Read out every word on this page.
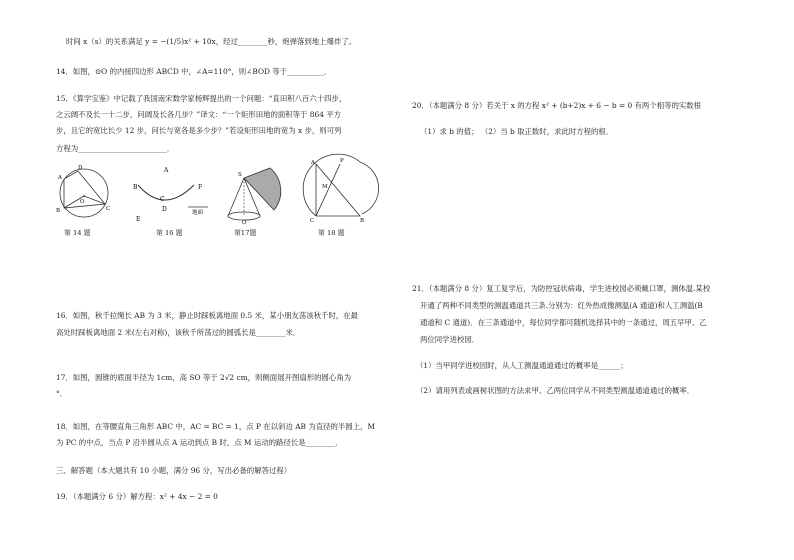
时间 x（s）的关系满足 y = −(1/5)x² + 10x，经过________秒，炮弹落到地上爆炸了。
14．如图，⊙O 的内接四边形 ABCD 中，∠A=110°，则∠BOD 等于__________．
15．《算学宝鉴》中记载了我国南宋数学家杨辉提出的一个问题：“直田积八百六十四步，
之云阔不及长一十二步，问阔及长各几步？”译文：“一个矩形田地的面积等于 864 平方
步，且它的宽比长少 12 步，问长与宽各是多少步？”若设矩形田地的宽为 x 步，则可列
方程为________________________．
A
D
B	C
O
第 14 题
A
B
C
D
E
F
地面
第 16 题
S
O
第17题
A	P
M
C	B
第 18 题
16．如图，秋千拉绳长 AB 为 3 米，静止时踩板离地面 0.5 米，某小朋友荡该秋千时，在最
高处时踩板离地面 2 米(左右对称)，该秋千所荡过的圆弧长是________米．
17．如图，圆锥的底面半径为 1cm，高 SO 等于 2√2 cm，则侧面展开图扇形的圆心角为
°．
18．如图，在等腰直角三角形 ABC 中，AC = BC = 1，点 P 在以斜边 AB 为直径的半圆上，M
为 PC 的中点，当点 P 沿半圆从点 A 运动到点 B 时，点 M 运动的路径长是________．
三、解答题（本大题共有 10 小题，满分 96 分，写出必备的解答过程）
19．（本题满分 6 分）解方程：x² + 4x − 2 = 0
20．（本题满分 8 分）若关于 x 的方程 x² + (b+2)x + 6 − b = 0 有两个相等的实数根
（1）求 b 的值； （2）当 b 取正数时，求此时方程的根．
21．（本题满分 8 分）复工复学后，为防控冠状病毒，学生进校园必须戴口罩，测体温.某校
开通了两种不同类型的测温通道共三条.分别为：红外热成像测温(A 通道)和人工测温(B
通道和 C 通道)．在三条通道中，每位同学都可随机选择其中的一条通过，周五早甲、乙
两位同学进校园．
（1）当甲同学进校园时，从人工测温通道通过的概率是______；
（2）请用列表或画树状图的方法求甲、乙两位同学从不同类型测温通道通过的概率．
